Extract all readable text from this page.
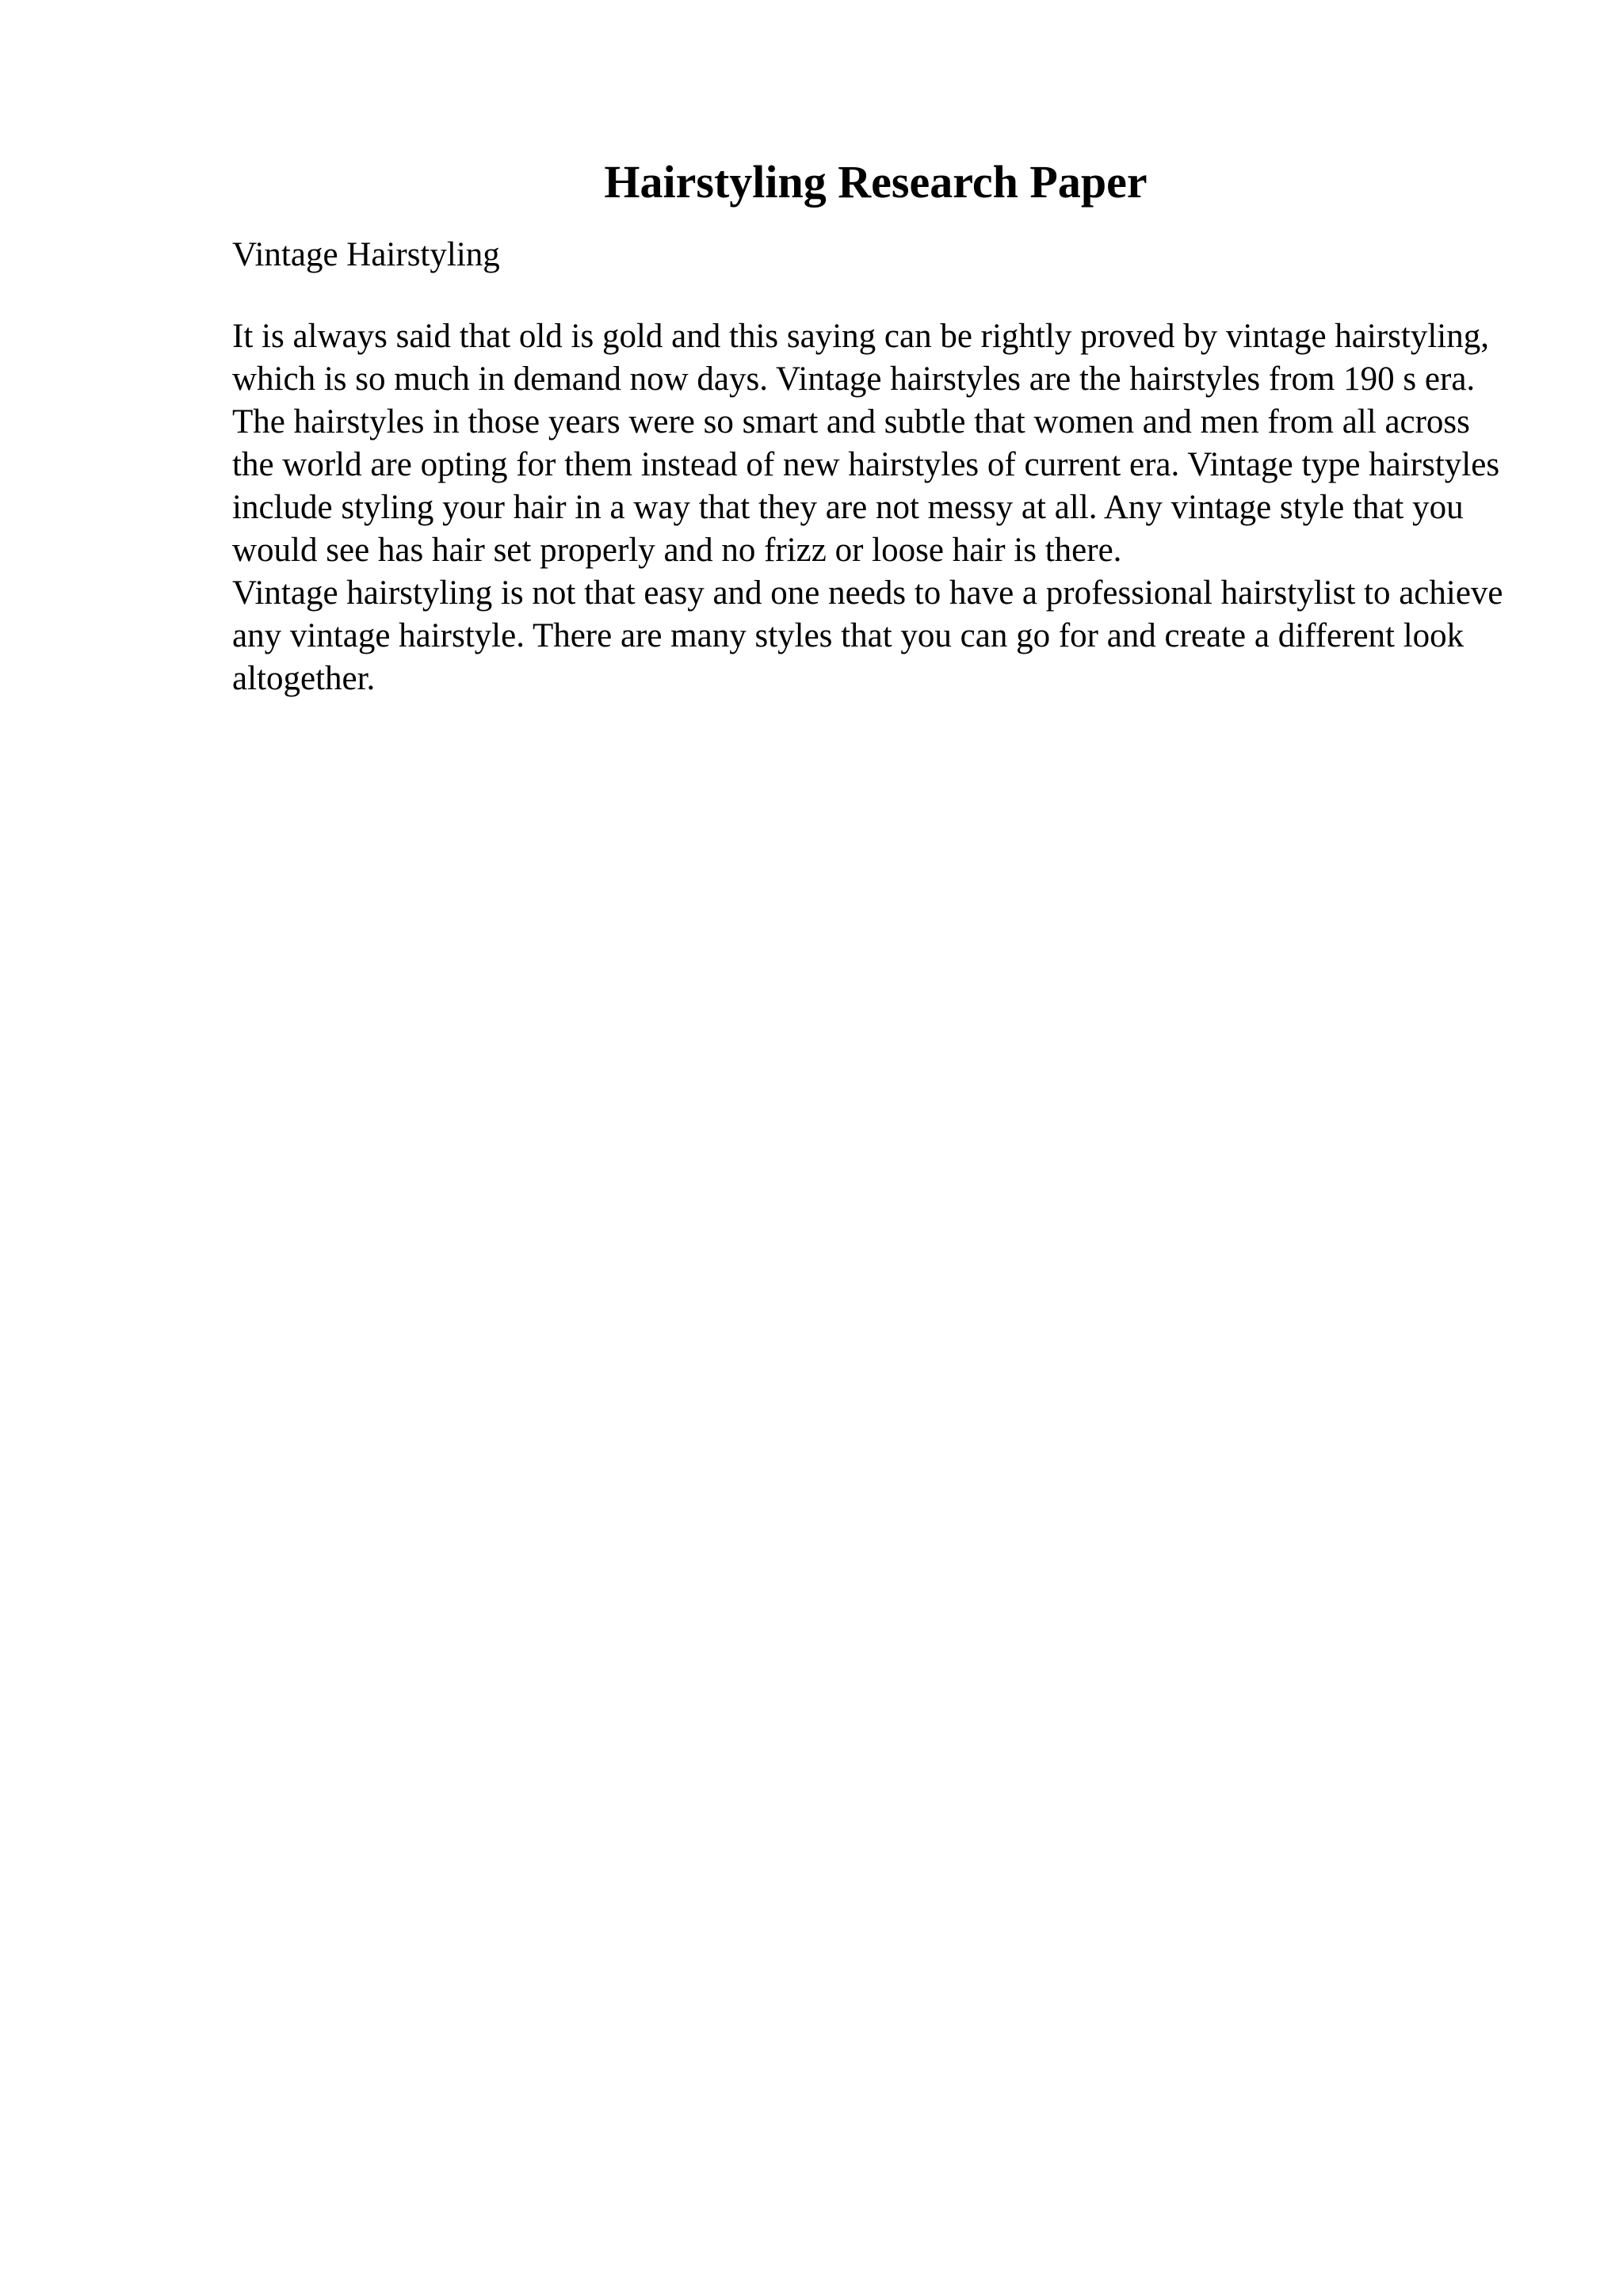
Hairstyling Research Paper

Vintage Hairstyling

It is always said that old is gold and this saying can be rightly proved by vintage hairstyling, which is so much in demand now days. Vintage hairstyles are the hairstyles from 190 s era. The hairstyles in those years were so smart and subtle that women and men from all across the world are opting for them instead of new hairstyles of current era. Vintage type hairstyles include styling your hair in a way that they are not messy at all. Any vintage style that you would see has hair set properly and no frizz or loose hair is there.

Vintage hairstyling is not that easy and one needs to have a professional hairstylist to achieve any vintage hairstyle. There are many styles that you can go for and create a different look altogether.
